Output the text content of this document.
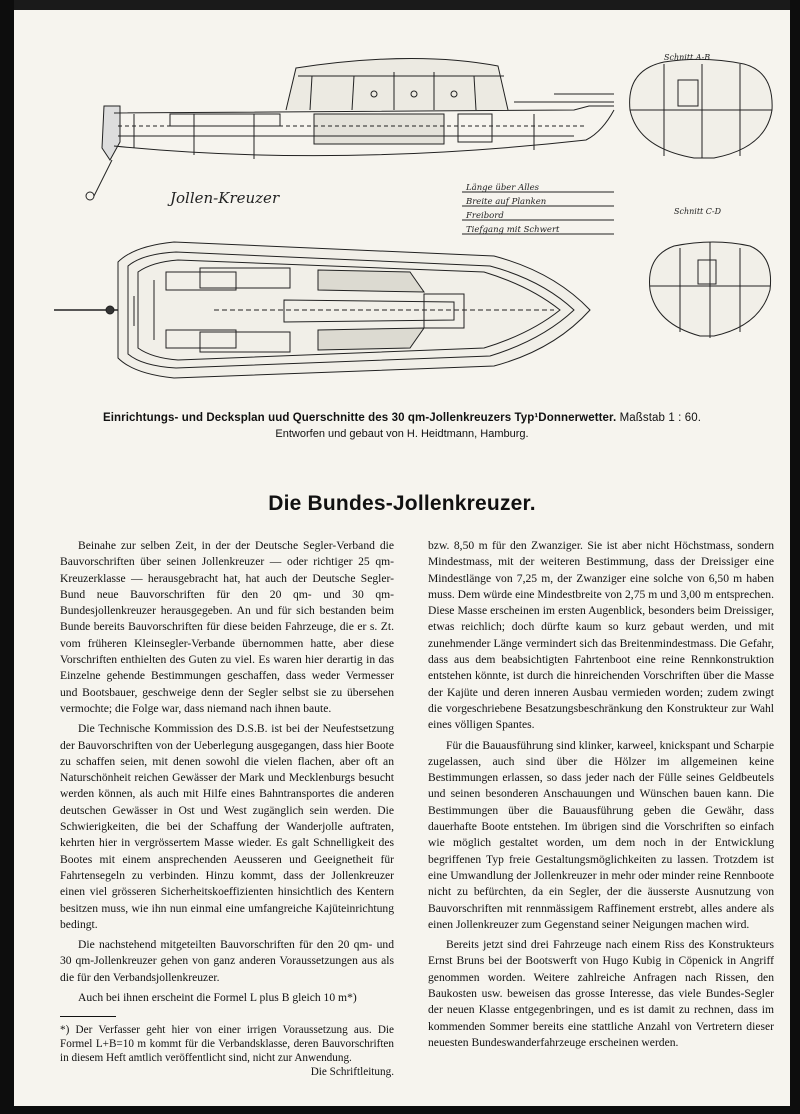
Jollen-Kreuzer
Länge über Alles
Breite auf Planken
Freibord
Tiefgang mit Schwert
Schnitt A-B
Schnitt C-D
Einrichtungs- und Decksplan uud Querschnitte des 30 qm-Jollenkreuzers Typ¹Donnerwetter. Maßstab 1 : 60.
Entworfen und gebaut von H. Heidtmann, Hamburg.
Die Bundes-Jollenkreuzer.

Beinahe zur selben Zeit, in der der Deutsche Segler-Verband die Bauvorschriften über seinen Jollenkreuzer — oder richtiger 25 qm-Kreuzerklasse — herausgebracht hat, hat auch der Deutsche Segler-Bund neue Bauvorschriften für den 20 qm- und 30 qm-Bundesjollenkreuzer herausgegeben. An und für sich bestanden beim Bunde bereits Bauvorschriften für diese beiden Fahrzeuge, die er s. Zt. vom früheren Kleinsegler-Verbande übernommen hatte, aber diese Vorschriften enthielten des Guten zu viel. Es waren hier derartig in das Einzelne gehende Bestimmungen geschaffen, dass weder Vermesser und Bootsbauer, geschweige denn der Segler selbst sie zu übersehen vermochte; die Folge war, dass niemand nach ihnen baute.

Die Technische Kommission des D.S.B. ist bei der Neufestsetzung der Bauvorschriften von der Ueberlegung ausgegangen, dass hier Boote zu schaffen seien, mit denen sowohl die vielen flachen, aber oft an Naturschönheit reichen Gewässer der Mark und Mecklenburgs besucht werden können, als auch mit Hilfe eines Bahntransportes die anderen deutschen Gewässer in Ost und West zugänglich sein werden. Die Schwierigkeiten, die bei der Schaffung der Wanderjolle auftraten, kehrten hier in vergrössertem Masse wieder. Es galt Schnelligkeit des Bootes mit einem ansprechenden Aeusseren und Geeignetheit für Fahrtensegeln zu verbinden. Hinzu kommt, dass der Jollenkreuzer einen viel grösseren Sicherheitskoeffizienten hinsichtlich des Kentern besitzen muss, wie ihn nun einmal eine umfangreiche Kajüteinrichtung bedingt.

Die nachstehend mitgeteilten Bauvorschriften für den 20 qm- und 30 qm-Jollenkreuzer gehen von ganz anderen Voraussetzungen aus als die für den Verbandsjollenkreuzer.

Auch bei ihnen erscheint die Formel L plus B gleich 10 m*)
*) Der Verfasser geht hier von einer irrigen Voraussetzung aus. Die Formel L+B=10 m kommt für die Verbandsklasse, deren Bauvorschriften in diesem Heft amtlich veröffentlicht sind, nicht zur Anwendung.
Die Schriftleitung.

bzw. 8,50 m für den Zwanziger. Sie ist aber nicht Höchstmass, sondern Mindestmass, mit der weiteren Bestimmung, dass der Dreissiger eine Mindestlänge von 7,25 m, der Zwanziger eine solche von 6,50 m haben muss. Dem würde eine Mindestbreite von 2,75 m und 3,00 m entsprechen. Diese Masse erscheinen im ersten Augenblick, besonders beim Dreissiger, etwas reichlich; doch dürfte kaum so kurz gebaut werden, und mit zunehmender Länge vermindert sich das Breitenmindestmass. Die Gefahr, dass aus dem beabsichtigten Fahrtenboot eine reine Rennkonstruktion entstehen könnte, ist durch die hinreichenden Vorschriften über die Masse der Kajüte und deren inneren Ausbau vermieden worden; zudem zwingt die vorgeschriebene Besatzungsbeschränkung den Konstrukteur zur Wahl eines völligen Spantes.

Für die Bauausführung sind klinker, karweel, knickspant und Scharpie zugelassen, auch sind über die Hölzer im allgemeinen keine Bestimmungen erlassen, so dass jeder nach der Fülle seines Geldbeutels und seinen besonderen Anschauungen und Wünschen bauen kann. Die Bestimmungen über die Bauausführung geben die Gewähr, dass dauerhafte Boote entstehen. Im übrigen sind die Vorschriften so einfach wie möglich gestaltet worden, um dem noch in der Entwicklung begriffenen Typ freie Gestaltungsmöglichkeiten zu lassen. Trotzdem ist eine Umwandlung der Jollenkreuzer in mehr oder minder reine Rennboote nicht zu befürchten, da ein Segler, der die äusserste Ausnutzung von Bauvorschriften mit rennmässigem Raffinement erstrebt, alles andere als einen Jollenkreuzer zum Gegenstand seiner Neigungen machen wird.

Bereits jetzt sind drei Fahrzeuge nach einem Riss des Konstrukteurs Ernst Bruns bei der Bootswerft von Hugo Kubig in Cöpenick in Angriff genommen worden. Weitere zahlreiche Anfragen nach Rissen, den Baukosten usw. beweisen das grosse Interesse, das viele Bundes-Segler der neuen Klasse entgegenbringen, und es ist damit zu rechnen, dass im kommenden Sommer bereits eine stattliche Anzahl von Vertretern dieser neuesten Bundeswanderfahrzeuge erscheinen werden.
